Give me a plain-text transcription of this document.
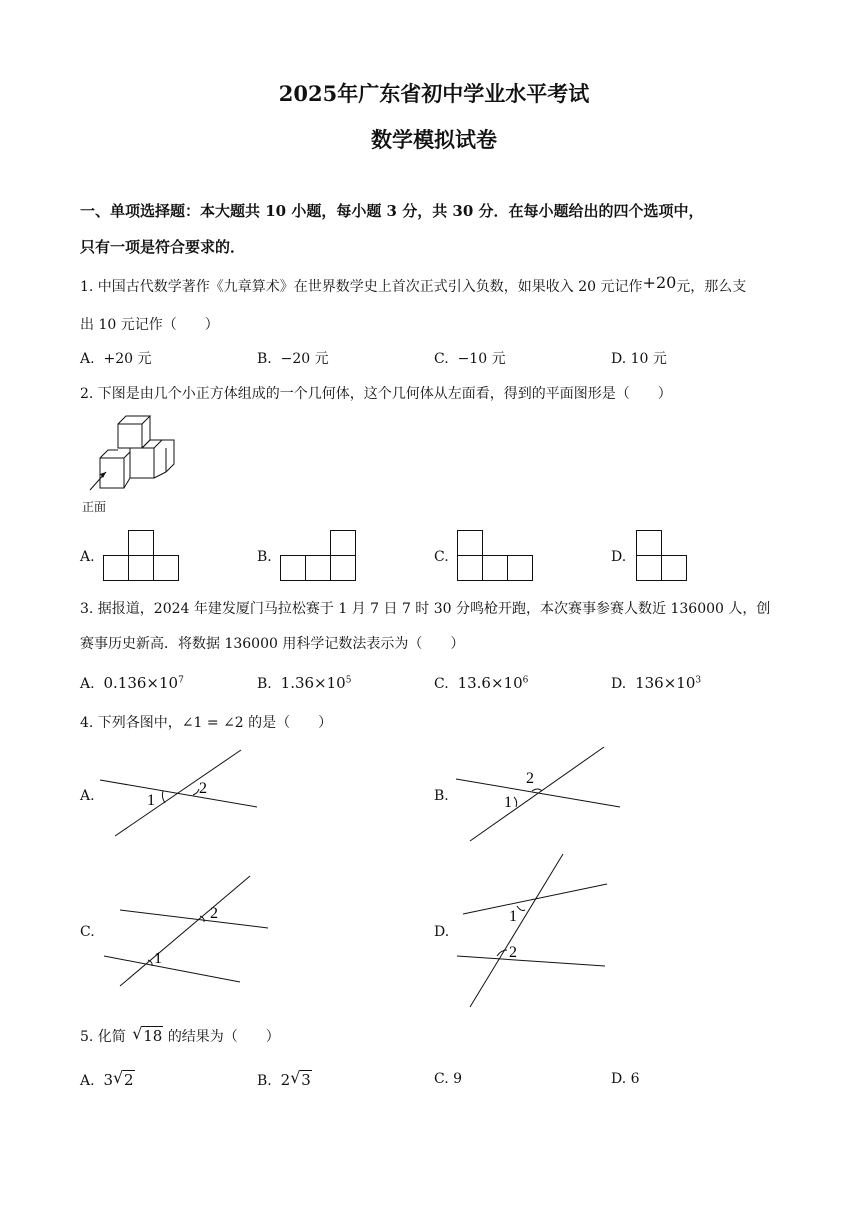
2025年广东省初中学业水平考试
数学模拟试卷
一、单项选择题：本大题共 10 小题，每小题 3 分，共 30 分．在每小题给出的四个选项中，
只有一项是符合要求的．
1. 中国古代数学著作《九章算术》在世界数学史上首次正式引入负数，如果收入 20 元记作+20元，那么支
出 10 元记作（　　）
A. +20 元	B. −20 元	C. −10 元	D. 10 元
2. 下图是由几个小正方体组成的一个几何体，这个几何体从左面看，得到的平面图形是（　　）
正面
A.	B.	C.	D.
3. 据报道，2024 年建发厦门马拉松赛于 1 月 7 日 7 时 30 分鸣枪开跑，本次赛事参赛人数近 136000 人，创
赛事历史新高．将数据 136000 用科学记数法表示为（　　）
A. $0.136\times 10^7$	B. $1.36\times 10^5$	C. $13.6\times 10^6$	D. $136\times 10^3$
4. 下列各图中，∠1 = ∠2 的是（　　）
A.	1
2	B.	1
2
C.
2
1
D.
1
2
5. 化简 √ 18 的结果为（　　）
A. 3 √ 2	B. 2 √ 3	C. 9	D. 6
